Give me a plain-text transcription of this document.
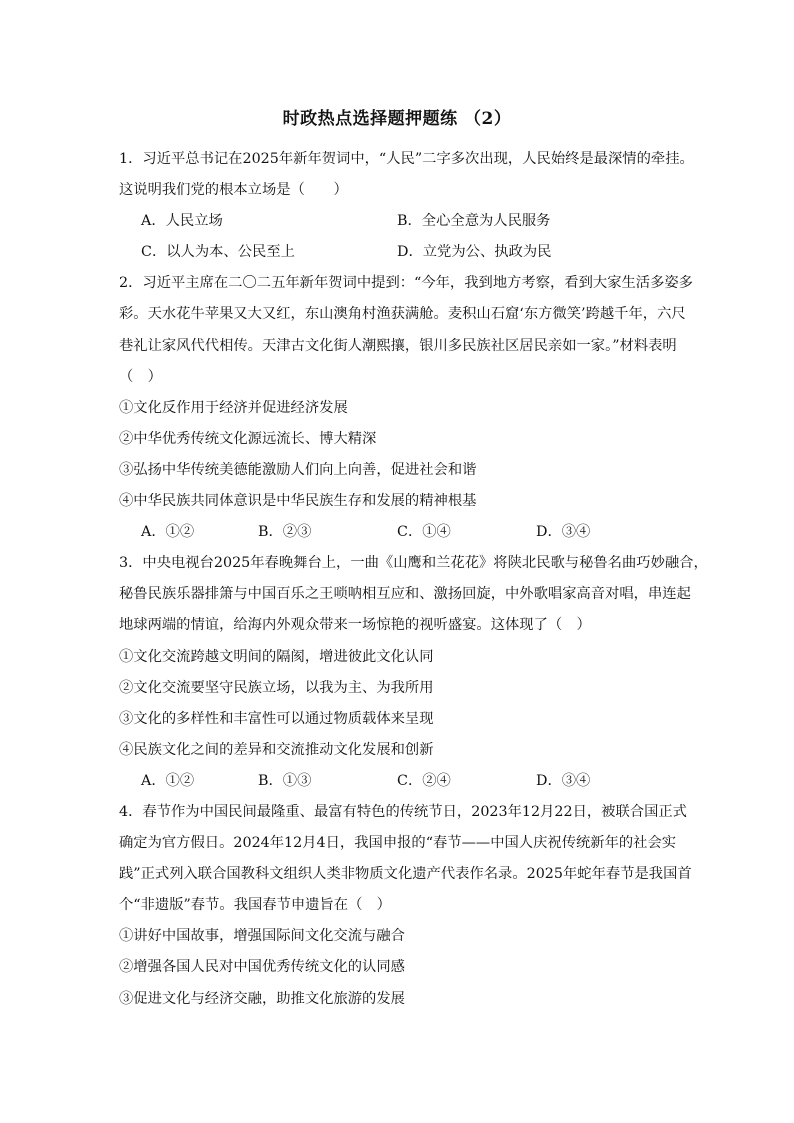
时政热点选择题押题练 （2）
1．习近平总书记在2025年新年贺词中，“人民”二字多次出现，人民始终是最深情的牵挂。
这说明我们党的根本立场是（　　）
A．人民立场	B．全心全意为人民服务
C．以人为本、公民至上	D．立党为公、执政为民
2．习近平主席在二〇二五年新年贺词中提到：“今年，我到地方考察，看到大家生活多姿多
彩。天水花牛苹果又大又红，东山澳角村渔获满舱。麦积山石窟‘东方微笑’跨越千年，六尺
巷礼让家风代代相传。天津古文化街人潮熙攘，银川多民族社区居民亲如一家。”材料表明
（　）
①文化反作用于经济并促进经济发展
②中华优秀传统文化源远流长、博大精深
③弘扬中华传统美德能激励人们向上向善，促进社会和谐
④中华民族共同体意识是中华民族生存和发展的精神根基
A．①②	B．②③	C．①④	D．③④
3．中央电视台2025年春晚舞台上，一曲《山鹰和兰花花》将陕北民歌与秘鲁名曲巧妙融合，
秘鲁民族乐器排箫与中国百乐之王唢呐相互应和、激扬回旋，中外歌唱家高音对唱，串连起
地球两端的情谊，给海内外观众带来一场惊艳的视听盛宴。这体现了（　）
①文化交流跨越文明间的隔阂，增进彼此文化认同
②文化交流要坚守民族立场，以我为主、为我所用
③文化的多样性和丰富性可以通过物质载体来呈现
④民族文化之间的差异和交流推动文化发展和创新
A．①②	B．①③	C．②④	D．③④
4．春节作为中国民间最隆重、最富有特色的传统节日，2023年12月22日，被联合国正式
确定为官方假日。2024年12月4日，我国申报的“春节——中国人庆祝传统新年的社会实
践”正式列入联合国教科文组织人类非物质文化遗产代表作名录。2025年蛇年春节是我国首
个“非遗版”春节。我国春节申遗旨在（　）
①讲好中国故事，增强国际间文化交流与融合
②增强各国人民对中国优秀传统文化的认同感
③促进文化与经济交融，助推文化旅游的发展
